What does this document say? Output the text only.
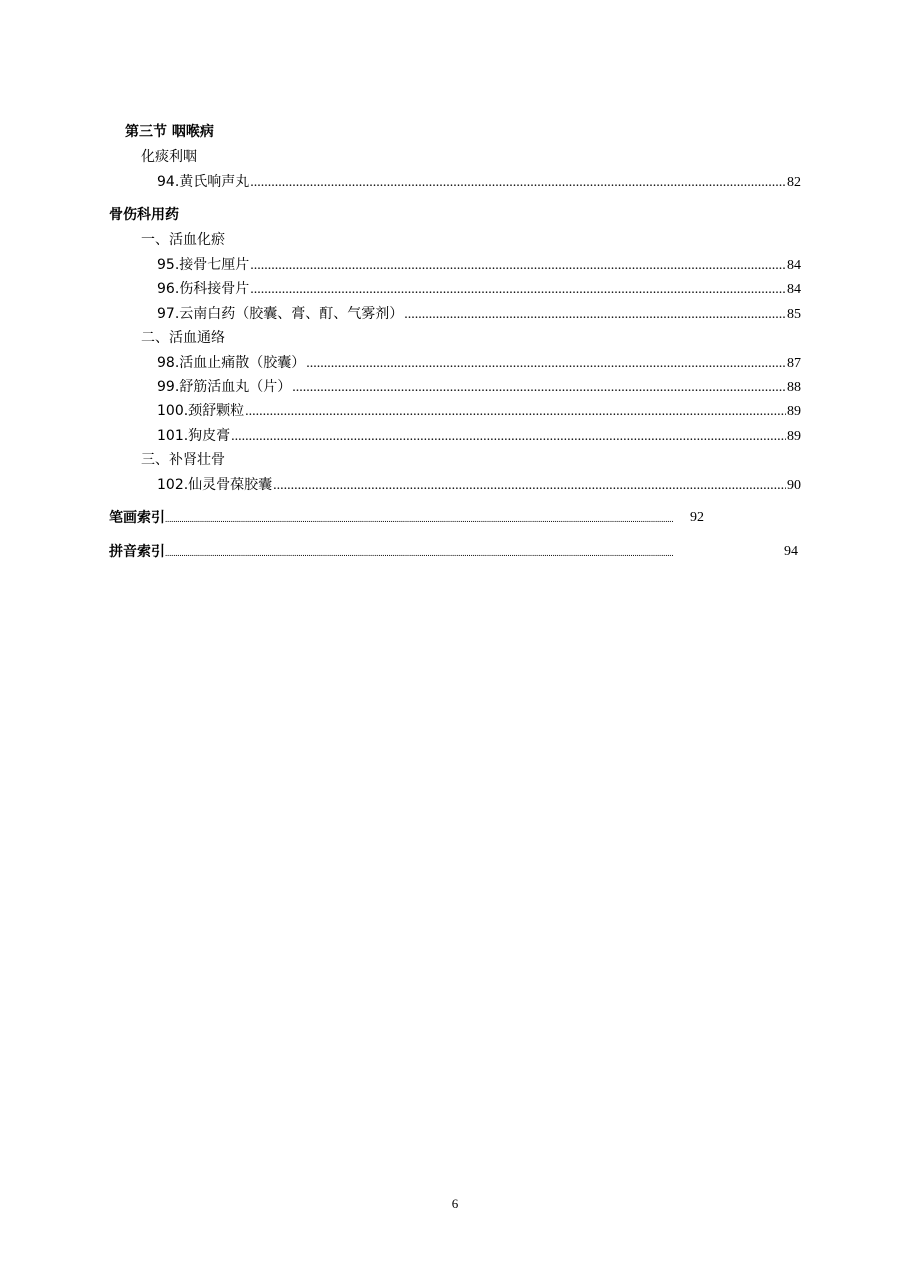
第三节 咽喉病
化痰利咽
94.黄氏响声丸 .....	82
骨伤科用药
一、活血化瘀
95.接骨七厘片 .....	84
96.伤科接骨片 .....	84
97.云南白药（胶囊、膏、酊、气雾剂） .....	85
二、活血通络
98.活血止痛散（胶囊） .....	87
99.舒筋活血丸（片） .....	88
100.颈舒颗粒 .....	89
101.狗皮膏 .....	89
三、补肾壮骨
102.仙灵骨葆胶囊 .....	90
笔画索引 .....	92
拼音索引 .....	94
6
